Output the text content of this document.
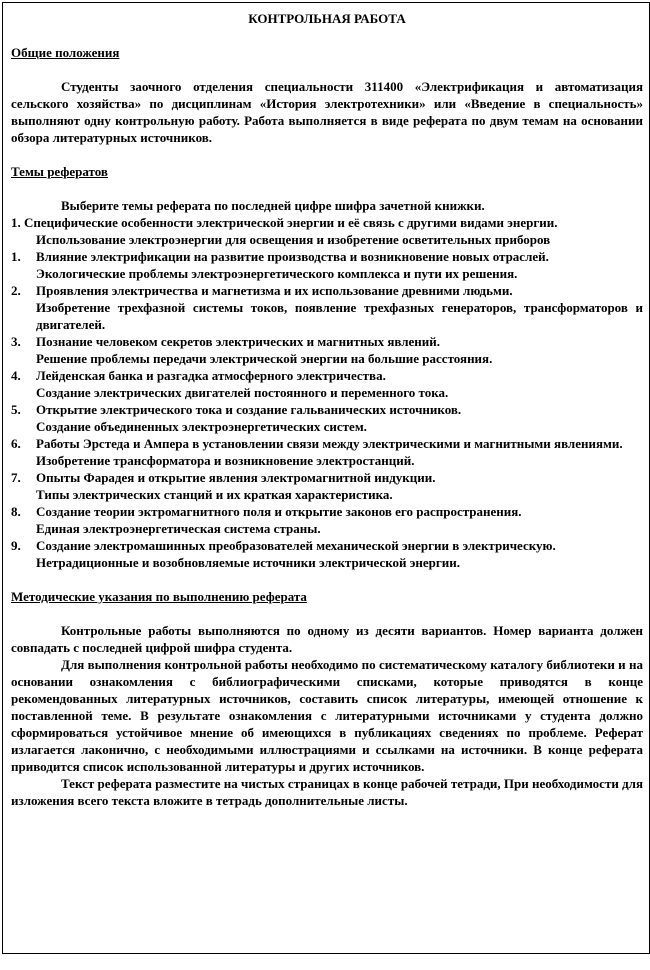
КОНТРОЛЬНАЯ РАБОТА
Общие положения

Студенты заочного отделения специальности 311400 «Электрификация и автоматизация сельского хозяйства» по дисциплинам «История электротехники» или «Введение в специальность» выполняют одну контрольную работу. Работа выполняется в виде реферата по двум темам на основании обзора литературных источников.

Темы рефератов

Выберите темы реферата по последней цифре шифра зачетной книжки.

1. Специфические особенности электрической энергии и её связь с другими видами энергии.
Использование электроэнергии для освещения и изобретение осветительных приборов
1. Влияние электрификации на развитие производства и возникновение новых отраслей.
Экологические проблемы электроэнергетического комплекса и пути их решения.
2. Проявления электричества и магнетизма и их использование древними людьми.
Изобретение трехфазной системы токов, появление трехфазных генераторов, трансформаторов и двигателей.
3. Познание человеком секретов электрических и магнитных явлений.
Решение проблемы передачи электрической энергии на большие расстояния.
4. Лейденская банка и разгадка атмосферного электричества.
Создание электрических двигателей постоянного и переменного тока.
5. Открытие электрического тока и создание гальванических источников.
Создание объединенных электроэнергетических систем.
6. Работы Эрстеда и Ампера в установлении связи между электрическими и магнитными явлениями.
Изобретение трансформатора и возникновение электростанций.
7. Опыты Фарадея и открытие явления электромагнитной индукции.
Типы электрических станций и их краткая характеристика.
8. Создание теории эктромагнитного поля и открытие законов его распространения.
Единая электроэнергетическая система страны.
9. Создание электромашинных преобразователей механической энергии в электрическую.
Нетрадиционные и возобновляемые источники электрической энергии.
Методические указания по выполнению реферата

Контрольные работы выполняются по одному из десяти вариантов. Номер варианта должен совпадать с последней цифрой шифра студента.

Для выполнения контрольной работы необходимо по систематическому каталогу библиотеки и на основании ознакомления с библиографическими списками, которые приводятся в конце рекомендованных литературных источников, составить список литературы, имеющей отношение к поставленной теме. В результате ознакомления с литературными источниками у студента должно сформироваться устойчивое мнение об имеющихся в публикациях сведениях по проблеме. Реферат излагается лаконично, с необходимыми иллюстрациями и ссылками на источники. В конце реферата приводится список использованной литературы и других источников.

Текст реферата разместите на чистых страницах в конце рабочей тетради, При необходимости для изложения всего текста вложите в тетрадь дополнительные листы.
